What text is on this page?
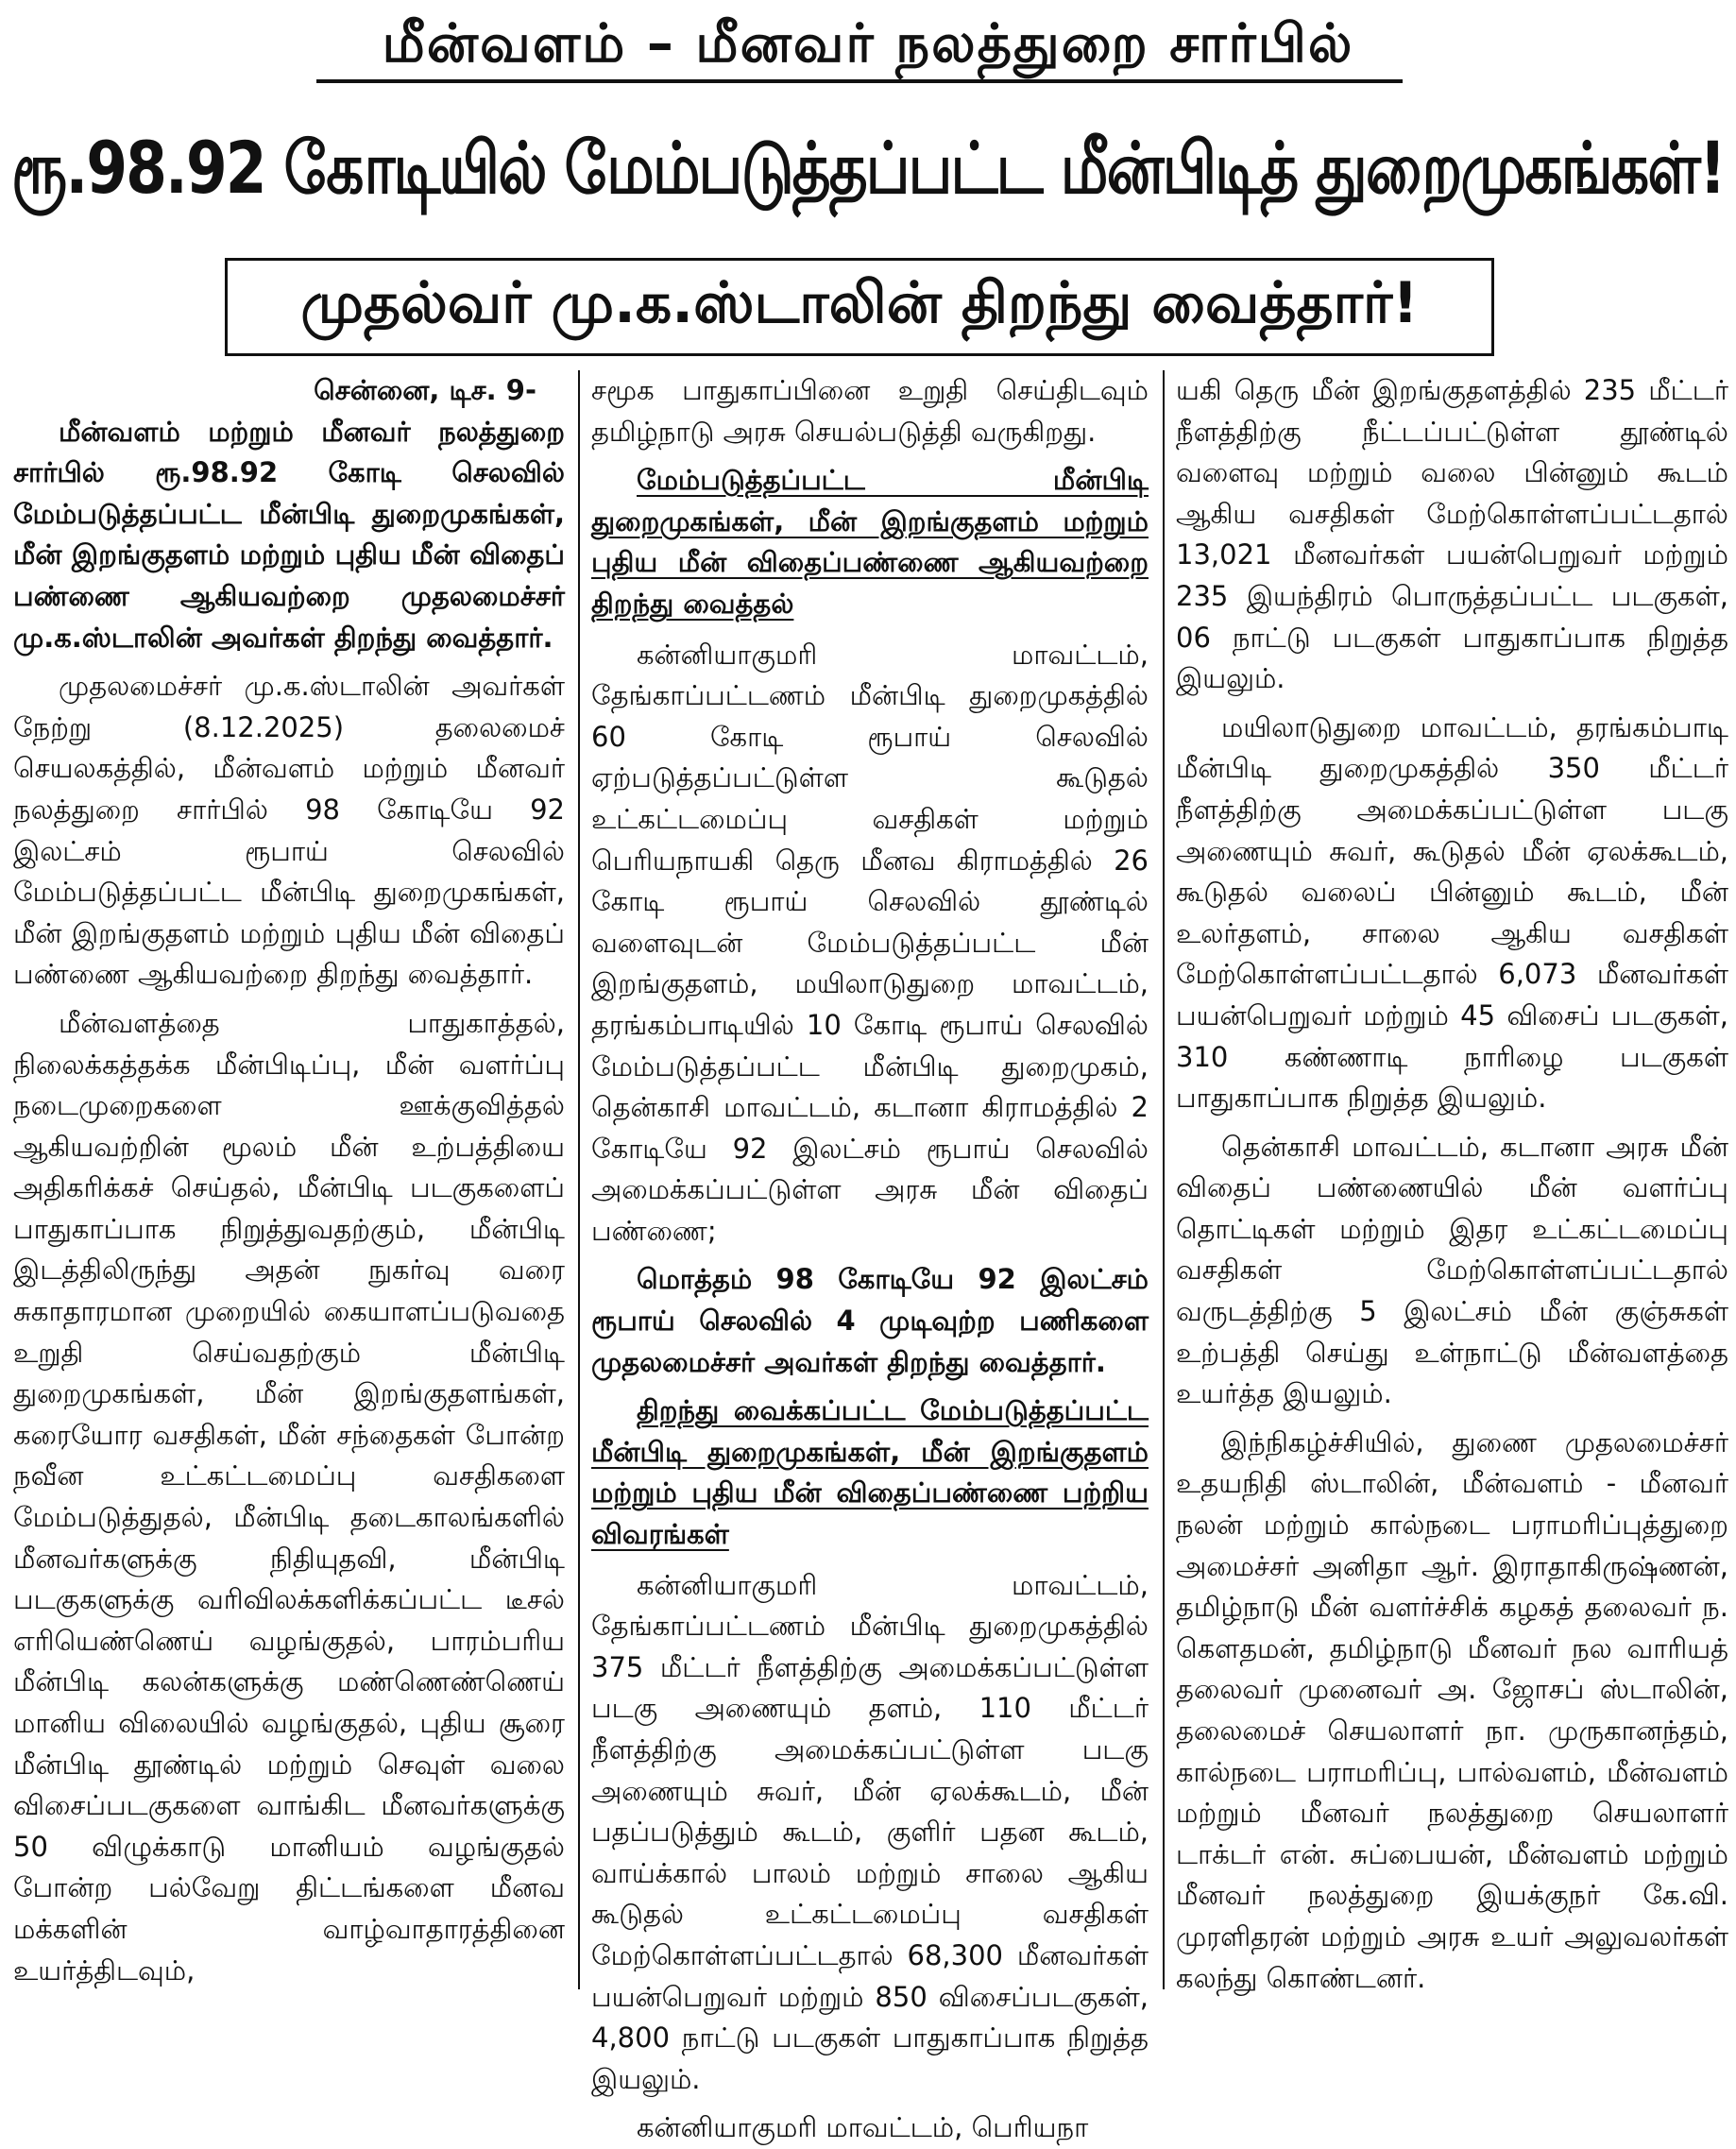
மீன்வளம் – மீனவர் நலத்துறை சார்பில்
ரூ.98.92 கோடியில் மேம்படுத்தப்பட்ட மீன்பிடித் துறைமுகங்கள்!
முதல்வர் மு.க.ஸ்டாலின் திறந்து வைத்தார்!

சென்னை, டிச. 9-

மீன்வளம் மற்றும் மீனவர் நலத்துறை சார்பில் ரூ.98.92 கோடி செலவில் மேம்படுத்தப்பட்ட மீன்பிடி துறைமுகங்கள், மீன் இறங்குதளம் மற்றும் புதிய மீன் விதைப் பண்ணை ஆகியவற்றை முதலமைச்சர் மு.க.ஸ்டாலின் அவர்கள் திறந்து வைத்தார்.

முதலமைச்சர் மு.க.ஸ்டாலின் அவர்கள் நேற்று (8.12.2025) தலைமைச் செயலகத்தில், மீன்வளம் மற்றும் மீனவர் நலத்துறை சார்பில் 98 கோடியே 92 இலட்சம் ரூபாய் செலவில் மேம்படுத்தப்பட்ட மீன்பிடி துறைமுகங்கள், மீன் இறங்குதளம் மற்றும் புதிய மீன் விதைப் பண்ணை ஆகியவற்றை திறந்து வைத்தார்.

மீன்வளத்தை பாதுகாத்தல், நிலைக்கத்தக்க மீன்பிடிப்பு, மீன் வளர்ப்பு நடைமுறைகளை ஊக்குவித்தல் ஆகியவற்றின் மூலம் மீன் உற்பத்தியை அதிகரிக்கச் செய்தல், மீன்பிடி படகுகளைப் பாதுகாப்பாக நிறுத்துவதற்கும், மீன்பிடி இடத்திலிருந்து அதன் நுகர்வு வரை சுகாதாரமான முறையில் கையாளப்படுவதை உறுதி செய்வதற்கும் மீன்பிடி துறைமுகங்கள், மீன் இறங்குதளங்கள், கரையோர வசதிகள், மீன் சந்தைகள் போன்ற நவீன உட்கட்டமைப்பு வசதிகளை மேம்படுத்துதல், மீன்பிடி தடைகாலங்களில் மீனவர்களுக்கு நிதியுதவி, மீன்பிடி படகுகளுக்கு வரிவிலக்களிக்கப்பட்ட டீசல் எரியெண்ணெய் வழங்குதல், பாரம்பரிய மீன்பிடி கலன்களுக்கு மண்ணெண்ணெய் மானிய விலையில் வழங்குதல், புதிய சூரை மீன்பிடி தூண்டில் மற்றும் செவுள் வலை விசைப்படகுகளை வாங்கிட மீனவர்களுக்கு 50 விழுக்காடு மானியம் வழங்குதல் போன்ற பல்வேறு திட்டங்களை மீனவ மக்களின் வாழ்வாதாரத்தினை உயர்த்திடவும்,

சமூக பாதுகாப்பினை உறுதி செய்திடவும் தமிழ்நாடு அரசு செயல்படுத்தி வருகிறது.

மேம்படுத்தப்பட்ட மீன்பிடி துறைமுகங்கள், மீன் இறங்குதளம் மற்றும் புதிய மீன் விதைப்பண்ணை ஆகியவற்றை திறந்து வைத்தல்

கன்னியாகுமரி மாவட்டம், தேங்காப்பட்டணம் மீன்பிடி துறைமுகத்தில் 60 கோடி ரூபாய் செலவில் ஏற்படுத்தப்பட்டுள்ள கூடுதல் உட்கட்டமைப்பு வசதிகள் மற்றும் பெரியநாயகி தெரு மீனவ கிராமத்தில் 26 கோடி ரூபாய் செலவில் தூண்டில் வளைவுடன் மேம்படுத்தப்பட்ட மீன் இறங்குதளம், மயிலாடுதுறை மாவட்டம், தரங்கம்பாடியில் 10 கோடி ரூபாய் செலவில் மேம்படுத்தப்பட்ட மீன்பிடி துறைமுகம், தென்காசி மாவட்டம், கடானா கிராமத்தில் 2 கோடியே 92 இலட்சம் ரூபாய் செலவில் அமைக்கப்பட்டுள்ள அரசு மீன் விதைப் பண்ணை;

மொத்தம் 98 கோடியே 92 இலட்சம் ரூபாய் செலவில் 4 முடிவுற்ற பணிகளை முதலமைச்சர் அவர்கள் திறந்து வைத்தார்.

திறந்து வைக்கப்பட்ட மேம்படுத்தப்பட்ட மீன்பிடி துறைமுகங்கள், மீன் இறங்குதளம் மற்றும் புதிய மீன் விதைப்பண்ணை பற்றிய விவரங்கள்

கன்னியாகுமரி மாவட்டம், தேங்காப்பட்டணம் மீன்பிடி துறைமுகத்தில் 375 மீட்டர் நீளத்திற்கு அமைக்கப்பட்டுள்ள படகு அணையும் தளம், 110 மீட்டர் நீளத்திற்கு அமைக்கப்பட்டுள்ள படகு அணையும் சுவர், மீன் ஏலக்கூடம், மீன் பதப்படுத்தும் கூடம், குளிர் பதன கூடம், வாய்க்கால் பாலம் மற்றும் சாலை ஆகிய கூடுதல் உட்கட்டமைப்பு வசதிகள் மேற்கொள்ளப்பட்டதால் 68,300 மீனவர்கள் பயன்பெறுவர் மற்றும் 850 விசைப்படகுகள், 4,800 நாட்டு படகுகள் பாதுகாப்பாக நிறுத்த இயலும்.

கன்னியாகுமரி மாவட்டம், பெரியநா

யகி தெரு மீன் இறங்குதளத்தில் 235 மீட்டர் நீளத்திற்கு நீட்டப்பட்டுள்ள தூண்டில் வளைவு மற்றும் வலை பின்னும் கூடம் ஆகிய வசதிகள் மேற்கொள்ளப்பட்டதால் 13,021 மீனவர்கள் பயன்பெறுவர் மற்றும் 235 இயந்திரம் பொருத்தப்பட்ட படகுகள், 06 நாட்டு படகுகள் பாதுகாப்பாக நிறுத்த இயலும்.

மயிலாடுதுறை மாவட்டம், தரங்கம்பாடி மீன்பிடி துறைமுகத்தில் 350 மீட்டர் நீளத்திற்கு அமைக்கப்பட்டுள்ள படகு அணையும் சுவர், கூடுதல் மீன் ஏலக்கூடம், கூடுதல் வலைப் பின்னும் கூடம், மீன் உலர்தளம், சாலை ஆகிய வசதிகள் மேற்கொள்ளப்பட்டதால் 6,073 மீனவர்கள் பயன்பெறுவர் மற்றும் 45 விசைப் படகுகள், 310 கண்ணாடி நாரிழை படகுகள் பாதுகாப்பாக நிறுத்த இயலும்.

தென்காசி மாவட்டம், கடானா அரசு மீன் விதைப் பண்ணையில் மீன் வளர்ப்பு தொட்டிகள் மற்றும் இதர உட்கட்டமைப்பு வசதிகள் மேற்கொள்ளப்பட்டதால் வருடத்திற்கு 5 இலட்சம் மீன் குஞ்சுகள் உற்பத்தி செய்து உள்நாட்டு மீன்வளத்தை உயர்த்த இயலும்.

இந்நிகழ்ச்சியில், துணை முதலமைச்சர் உதயநிதி ஸ்டாலின், மீன்வளம் - மீனவர் நலன் மற்றும் கால்நடை பராமரிப்புத்துறை அமைச்சர் அனிதா ஆர். இராதாகிருஷ்ணன், தமிழ்நாடு மீன் வளர்ச்சிக் கழகத் தலைவர் ந. கௌதமன், தமிழ்நாடு மீனவர் நல வாரியத் தலைவர் முனைவர் அ. ஜோசப் ஸ்டாலின், தலைமைச் செயலாளர் நா. முருகானந்தம், கால்நடை பராமரிப்பு, பால்வளம், மீன்வளம் மற்றும் மீனவர் நலத்துறை செயலாளர் டாக்டர் என். சுப்பையன், மீன்வளம் மற்றும் மீனவர் நலத்துறை இயக்குநர் கே.வி. முரளிதரன் மற்றும் அரசு உயர் அலுவலர்கள் கலந்து கொண்டனர்.
